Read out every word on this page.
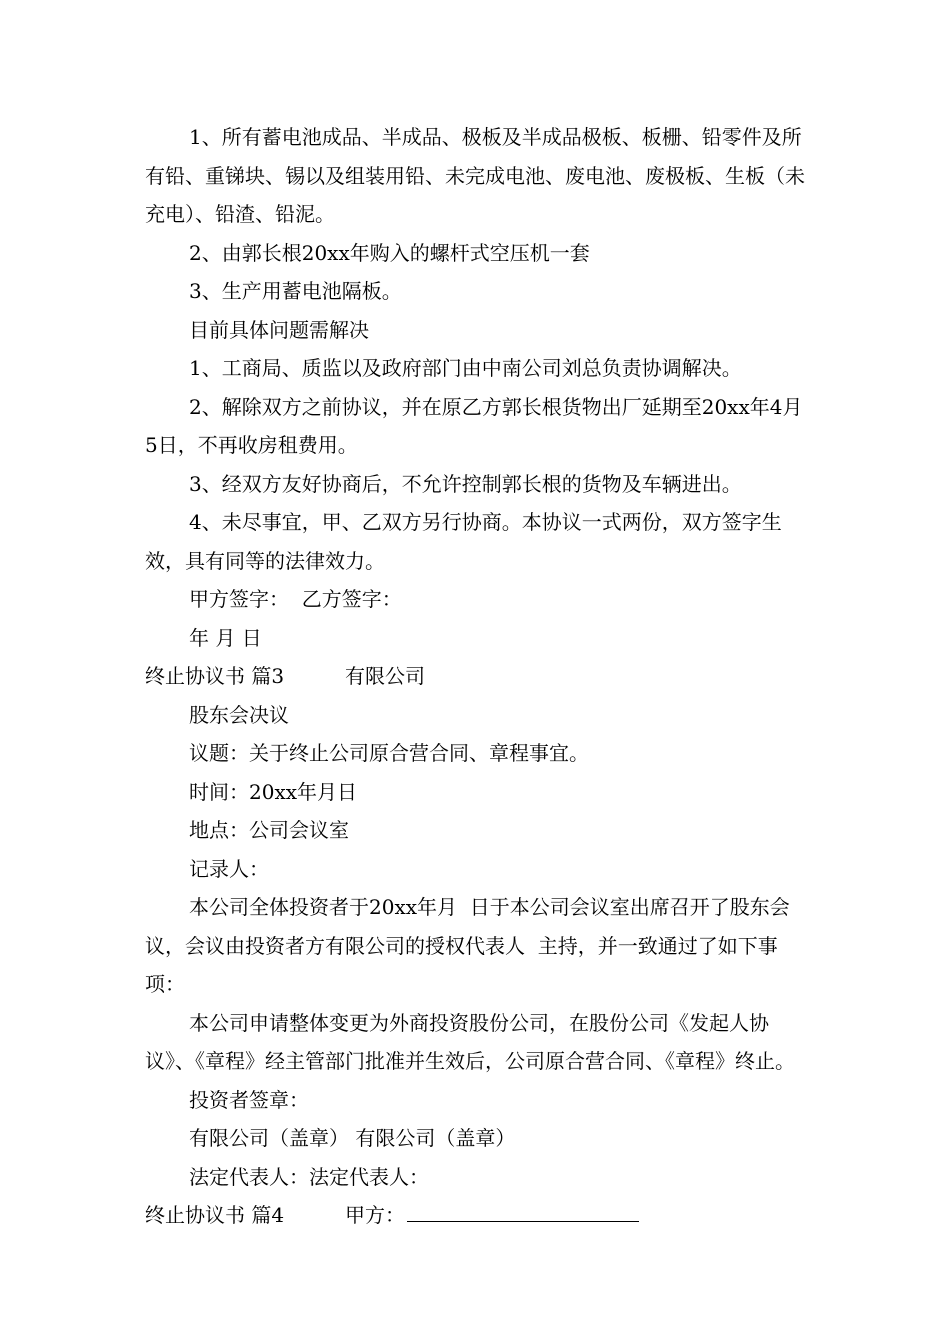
1、所有蓄电池成品、半成品、极板及半成品极板、板栅、铅零件及所有铅、重锑块、锡以及组装用铅、未完成电池、废电池、废极板、生板（未充电）、铅渣、铅泥。

2、由郭长根20xx年购入的螺杆式空压机一套

3、生产用蓄电池隔板。

目前具体问题需解决

1、工商局、质监以及政府部门由中南公司刘总负责协调解决。

2、解除双方之前协议，并在原乙方郭长根货物出厂延期至20xx年4月5日，不再收房租费用。

3、经双方友好协商后，不允许控制郭长根的货物及车辆进出。

4、未尽事宜，甲、乙双方另行协商。本协议一式两份，双方签字生效，具有同等的法律效力。

甲方签字：  乙方签字：

年 月 日

终止协议书 篇3	有限公司

股东会决议

议题：关于终止公司原合营合同、章程事宜。

时间：20xx年月日

地点：公司会议室

记录人：

本公司全体投资者于20xx年月  日于本公司会议室出席召开了股东会议，会议由投资者方有限公司的授权代表人  主持，并一致通过了如下事项：

本公司申请整体变更为外商投资股份公司，在股份公司《发起人协议》、《章程》经主管部门批准并生效后，公司原合营合同、《章程》终止。

投资者签章：

有限公司（盖章） 有限公司（盖章）

法定代表人：法定代表人：

终止协议书 篇4	甲方：
